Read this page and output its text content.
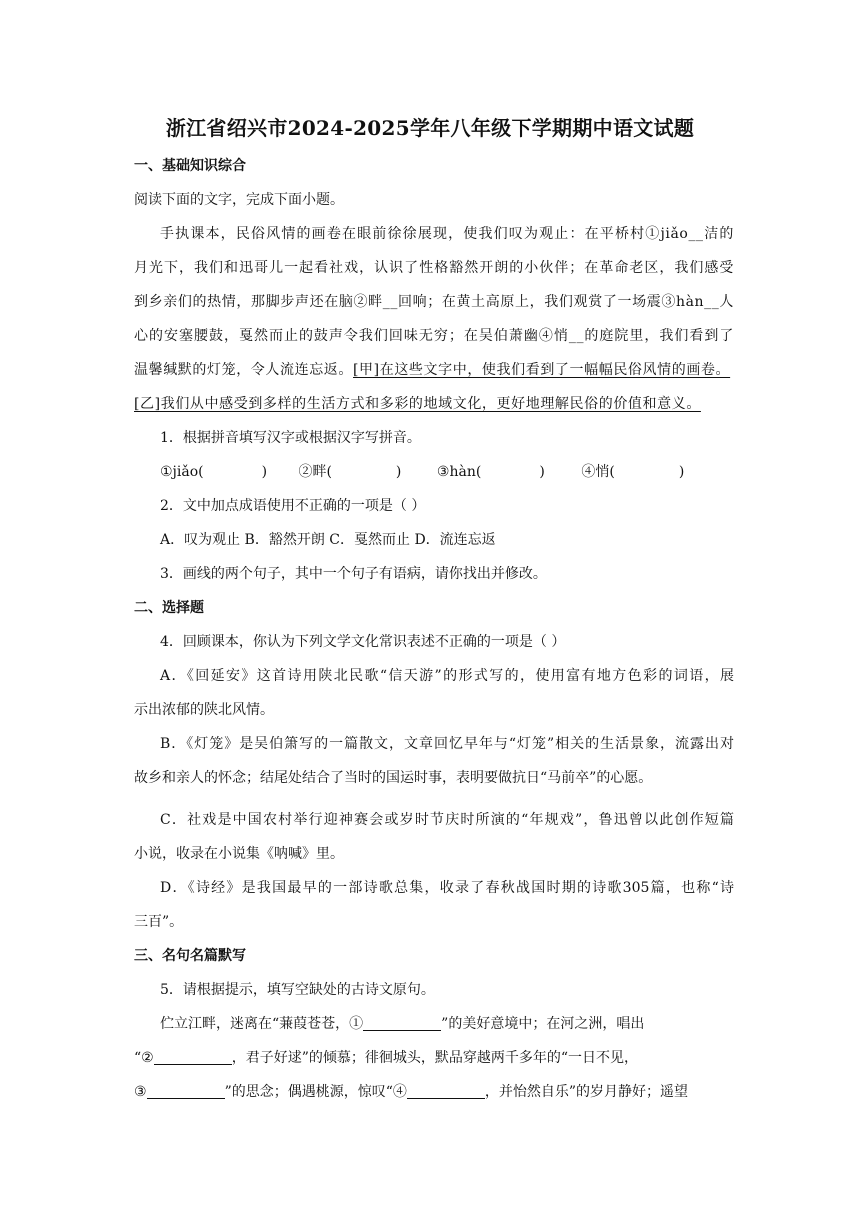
浙江省绍兴市2024-2025学年八年级下学期期中语文试题
一、基础知识综合
阅读下面的文字，完成下面小题。
手执课本，民俗风情的画卷在眼前徐徐展现，使我们叹为观止：在平桥村①jiǎo__洁的
月光下，我们和迅哥儿一起看社戏，认识了性格豁然开朗的小伙伴；在革命老区，我们感受
到乡亲们的热情，那脚步声还在脑②畔__回响；在黄土高原上，我们观赏了一场震③hàn__人
心的安塞腰鼓，戛然而止的鼓声令我们回味无穷；在吴伯萧幽④悄__的庭院里，我们看到了
温馨缄默的灯笼，令人流连忘返。[甲]在这些文字中，使我们看到了一幅幅民俗风情的画卷。
[乙]我们从中感受到多样的生活方式和多彩的地域文化，更好地理解民俗的价值和意义。
1．根据拼音填写汉字或根据汉字写拼音。
①jiǎo(	) ②畔(	)	③hàn(	)	④悄(	)
2．文中加点成语使用不正确的一项是（ ）
A．叹为观止 B．豁然开朗 C．戛然而止 D．流连忘返
3．画线的两个句子，其中一个句子有语病，请你找出并修改。
二、选择题
4．回顾课本，你认为下列文学文化常识表述不正确的一项是（ ）
A．《回延安》这首诗用陕北民歌“信天游”的形式写的，使用富有地方色彩的词语，展
示出浓郁的陕北风情。
B．《灯笼》是吴伯箫写的一篇散文，文章回忆早年与“灯笼”相关的生活景象，流露出对
故乡和亲人的怀念；结尾处结合了当时的国运时事，表明要做抗日“马前卒”的心愿。
C．社戏是中国农村举行迎神赛会或岁时节庆时所演的“年规戏”，鲁迅曾以此创作短篇
小说，收录在小说集《呐喊》里。
D．《诗经》是我国最早的一部诗歌总集，收录了春秋战国时期的诗歌305篇，也称“诗
三百”。
三、名句名篇默写
5．请根据提示，填写空缺处的古诗文原句。
伫立江畔，迷离在“蒹葭苍苍，①	”的美好意境中；在河之洲，唱出
“②	，君子好逑”的倾慕；徘徊城头，默品穿越两千多年的“一日不见，
③	”的思念；偶遇桃源，惊叹“④	，并怡然自乐”的岁月静好；遥望
